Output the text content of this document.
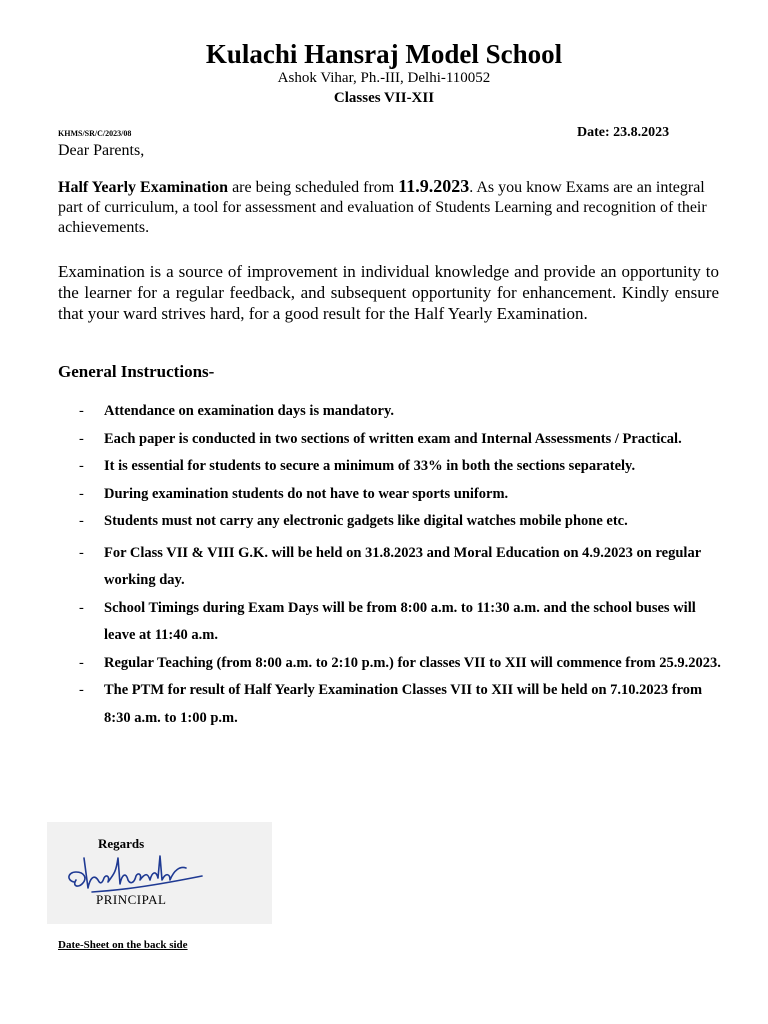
Kulachi Hansraj Model School
Ashok Vihar, Ph.-III, Delhi-110052
Classes VII-XII
KHMS/SR/C/2023/08	Date: 23.8.2023
Dear Parents,
Half Yearly Examination are being scheduled from 11.9.2023. As you know Exams are an integral part of curriculum, a tool for assessment and evaluation of Students Learning and recognition of their achievements.
Examination is a source of improvement in individual knowledge and provide an opportunity to the learner for a regular feedback, and subsequent opportunity for enhancement. Kindly ensure that your ward strives hard, for a good result for the Half Yearly Examination.
General Instructions-
- Attendance on examination days is mandatory.
- Each paper is conducted in two sections of written exam and Internal Assessments / Practical.
- It is essential for students to secure a minimum of 33% in both the sections separately.
- During examination students do not have to wear sports uniform.
- Students must not carry any electronic gadgets like digital watches mobile phone etc.
- For Class VII & VIII G.K. will be held on 31.8.2023 and Moral Education on 4.9.2023 on regular working day.
- School Timings during Exam Days will be from 8:00 a.m. to 11:30 a.m. and the school buses will leave at 11:40 a.m.
- Regular Teaching (from 8:00 a.m. to 2:10 p.m.) for classes VII to XII will commence from 25.9.2023.
- The PTM for result of Half Yearly Examination Classes VII to XII will be held on 7.10.2023 from 8:30 a.m. to 1:00 p.m.
Regards
PRINCIPAL
Date-Sheet on the back side
